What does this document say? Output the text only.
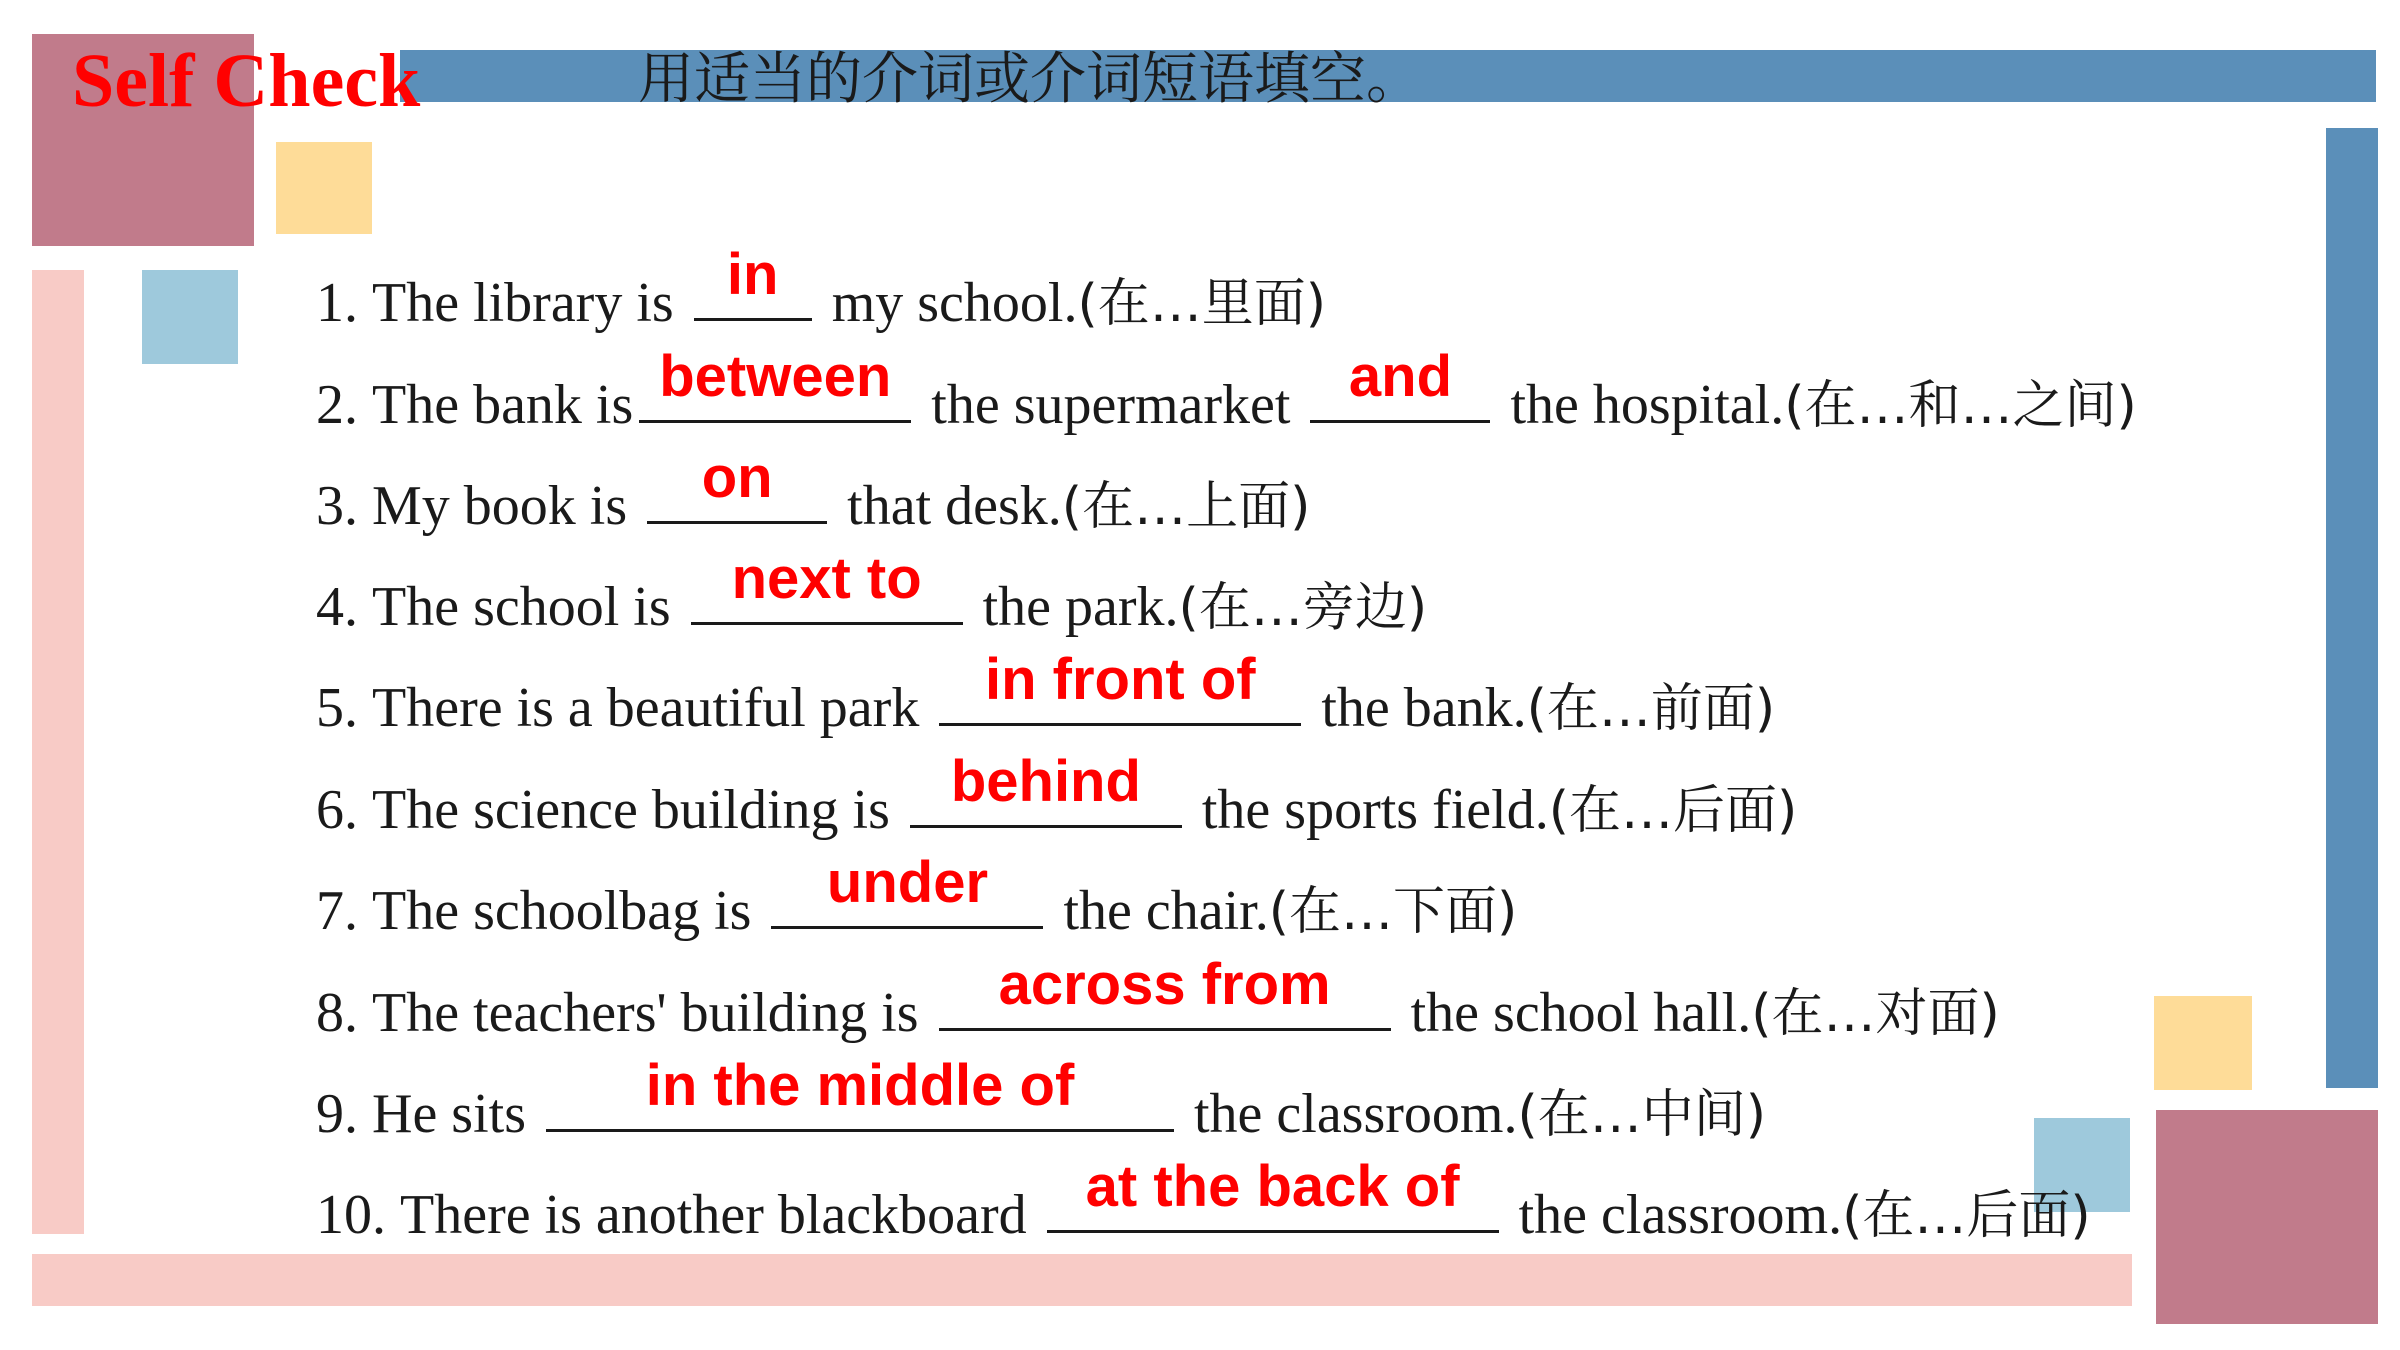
Self Check	用适当的介词或介词短语填空。
1. The library is in my school.(在…里面)
2. The bank is between the supermarket and the hospital.(在…和…之间)
3. My book is	on	that desk.(在…上面)
4. The school is next to the park.(在…旁边)
5. There is a beautiful park in front of the bank.(在…前面)
6. The science building is behind the sports field.(在…后面)
7. The schoolbag is	under	the chair.(在…下面)
8. The teachers' building is	across from	the school hall.(在…对面)
9. He sits	in the middle of	the classroom.(在…中间)
10. There is another blackboard at the back of the classroom.(在…后面)
